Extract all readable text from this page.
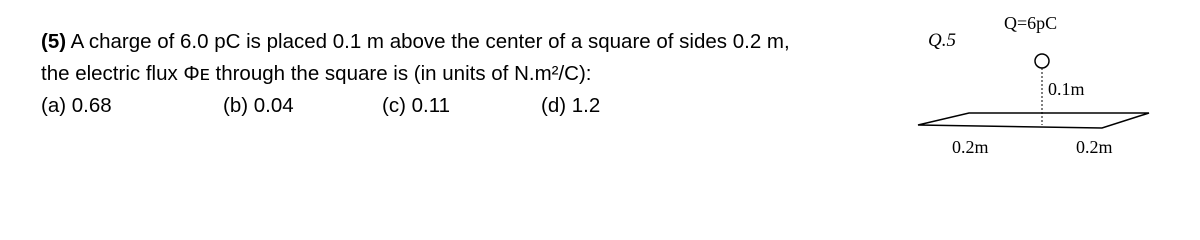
(5) A charge of 6.0 pC is placed 0.1 m above the center of a square of sides 0.2 m,
the electric flux Φᴇ through the square is (in units of N.m²/C):
(a) 0.68	(b) 0.04	(c) 0.11	(d) 1.2
Q.5
Q=6pC
0.1m
0.2m	0.2m
